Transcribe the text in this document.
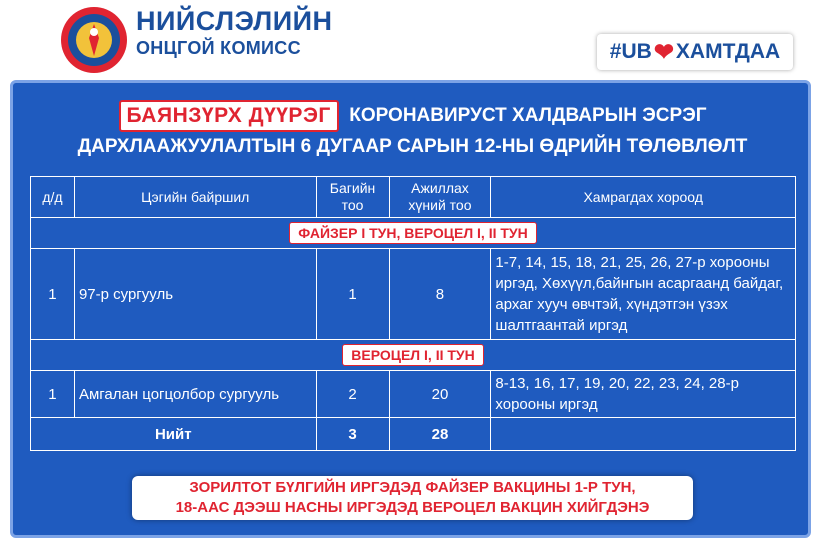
НИЙСЛЭЛИЙН
ОНЦГОЙ КОМИСС	#UB ❤ ХАМТДАА
БАЯНЗҮРХ ДҮҮРЭГ КОРОНАВИРУСТ ХАЛДВАРЫН ЭСРЭГ
ДАРХЛААЖУУЛАЛТЫН 6 ДУГААР САРЫН 12-НЫ ӨДРИЙН ТӨЛӨВЛӨЛТ
д/д	Цэгийн байршил	Багийн тоо	Ажиллах хүний тоо	Хамрагдах хороод
ФАЙЗЕР I ТУН, ВЕРОЦЕЛ I, II ТУН				
1	97-р сургууль	1	8	1-7, 14, 15, 18, 21, 25, 26, 27-р хорооны иргэд, Хөхүүл,байнгын асаргаанд байдаг, архаг хууч өвчтэй, хүндэтгэн үзэх шалтгаантай иргэд
ВЕРОЦЕЛ I, II ТУН				
1	Амгалан цогцолбор сургууль	2	20	8-13, 16, 17, 19, 20, 22, 23, 24, 28-р хорооны иргэд
Нийт		3	28	
ЗОРИЛТОТ БҮЛГИЙН ИРГЭДЭД ФАЙЗЕР ВАКЦИНЫ 1-Р ТУН,
18-ААС ДЭЭШ НАСНЫ ИРГЭДЭД ВЕРОЦЕЛ ВАКЦИН ХИЙГДЭНЭ
